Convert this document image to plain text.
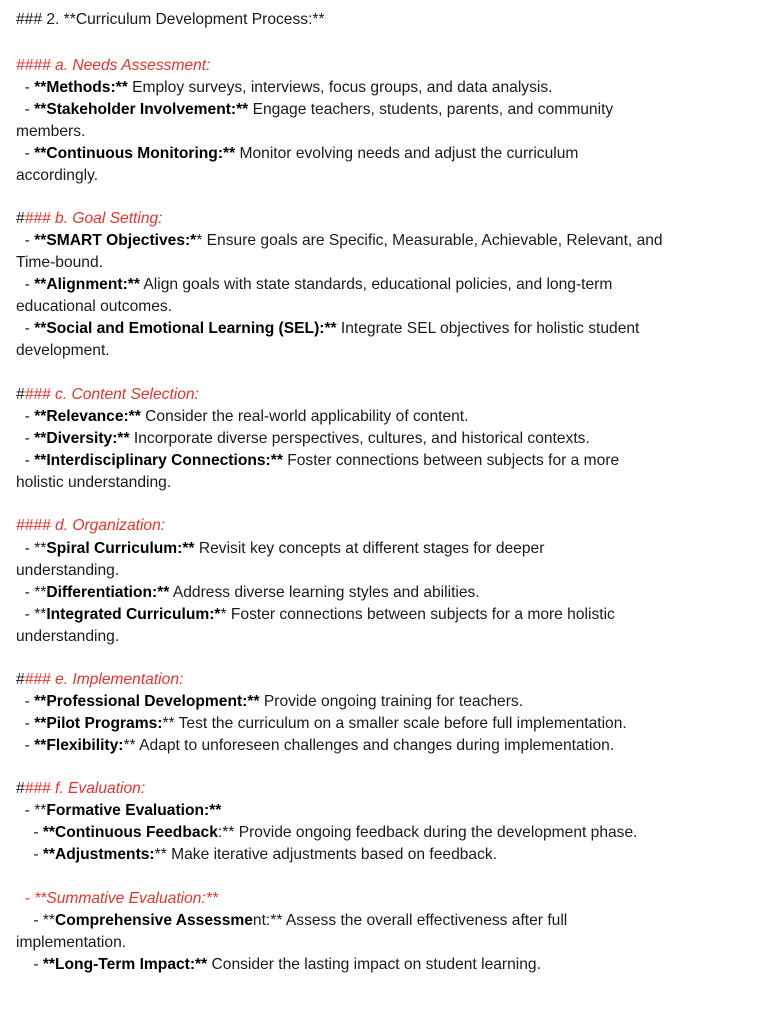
### 2. **Curriculum Development Process:**
#### a. Needs Assessment:
- **Methods:** Employ surveys, interviews, focus groups, and data analysis.
- **Stakeholder Involvement:** Engage teachers, students, parents, and community
members.
- **Continuous Monitoring:** Monitor evolving needs and adjust the curriculum
accordingly.
#### b. Goal Setting:
- **SMART Objectives:** Ensure goals are Specific, Measurable, Achievable, Relevant, and
Time-bound.
- **Alignment:** Align goals with state standards, educational policies, and long-term
educational outcomes.
- **Social and Emotional Learning (SEL):** Integrate SEL objectives for holistic student
development.
#### c. Content Selection:
- **Relevance:** Consider the real-world applicability of content.
- **Diversity:** Incorporate diverse perspectives, cultures, and historical contexts.
- **Interdisciplinary Connections:** Foster connections between subjects for a more
holistic understanding.
#### d. Organization:
- **Spiral Curriculum:** Revisit key concepts at different stages for deeper
understanding.
- **Differentiation:** Address diverse learning styles and abilities.
- **Integrated Curriculum:** Foster connections between subjects for a more holistic
understanding.
#### e. Implementation:
- **Professional Development:** Provide ongoing training for teachers.
- **Pilot Programs:** Test the curriculum on a smaller scale before full implementation.
- **Flexibility:** Adapt to unforeseen challenges and changes during implementation.
#### f. Evaluation:
- **Formative Evaluation:**
- **Continuous Feedback:** Provide ongoing feedback during the development phase.
- **Adjustments:** Make iterative adjustments based on feedback.
- **Summative Evaluation:**
- **Comprehensive Assessment:** Assess the overall effectiveness after full
implementation.
- **Long-Term Impact:** Consider the lasting impact on student learning.
